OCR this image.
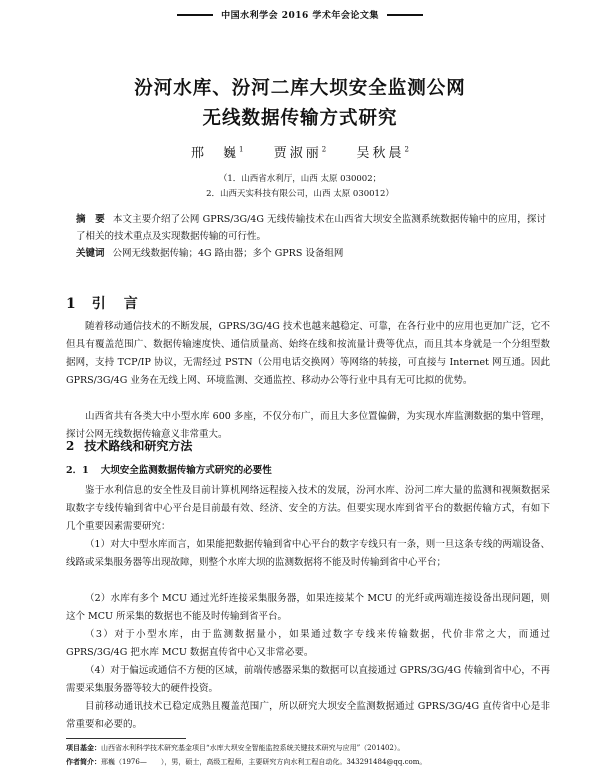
中国水利学会 2016 学术年会论文集
汾河水库、汾河二库大坝安全监测公网
无线数据传输方式研究
邢　巍$^1$ 贾淑丽$^2$ 吴秋晨$^2$
（1．山西省水利厅，山西 太原 030002；
2．山西天实科技有限公司，山西 太原 030012）

摘　要 本文主要介绍了公网 GPRS/3G/4G 无线传输技术在山西省大坝安全监测系统数据传输中的应用，探讨了相关的技术重点及实现数据传输的可行性。

关键词 公网无线数据传输；4G 路由器；多个 GPRS 设备组网

1 引　言

随着移动通信技术的不断发展，GPRS/3G/4G 技术也越来越稳定、可靠，在各行业中的应用也更加广泛，它不但具有覆盖范围广、数据传输速度快、通信质量高、始终在线和按流量计费等优点，而且其本身就是一个分组型数据网，支持 TCP/IP 协议，无需经过 PSTN（公用电话交换网）等网络的转接，可直接与 Internet 网互通。因此 GPRS/3G/4G 业务在无线上网、环境监测、交通监控、移动办公等行业中具有无可比拟的优势。

山西省共有各类大中小型水库 600 多座，不仅分布广，而且大多位置偏僻，为实现水库监测数据的集中管理，探讨公网无线数据传输意义非常重大。

2 技术路线和研究方法
2．1 大坝安全监测数据传输方式研究的必要性

鉴于水利信息的安全性及目前计算机网络远程接入技术的发展，汾河水库、汾河二库大量的监测和视频数据采取数字专线传输到省中心平台是目前最有效、经济、安全的方法。但要实现水库到省平台的数据传输方式，有如下几个重要因素需要研究：

（1）对大中型水库而言，如果能把数据传输到省中心平台的数字专线只有一条，则一旦这条专线的两端设备、线路或采集服务器等出现故障，则整个水库大坝的监测数据将不能及时传输到省中心平台；

（2）水库有多个 MCU 通过光纤连接采集服务器，如果连接某个 MCU 的光纤或两端连接设备出现问题，则这个 MCU 所采集的数据也不能及时传输到省平台。

（3）对于小型水库，由于监测数据量小，如果通过数字专线来传输数据，代价非常之大，而通过 GPRS/3G/4G 把水库 MCU 数据直传省中心又非常必要。

（4）对于偏远或通信不方便的区域，前端传感器采集的数据可以直接通过 GPRS/3G/4G 传输到省中心，不再需要采集服务器等较大的硬件投资。

目前移动通讯技术已稳定成熟且覆盖范围广，所以研究大坝安全监测数据通过 GPRS/3G/4G 直传省中心是非常重要和必要的。

项目基金：山西省水利科学技术研究基金项目“水库大坝安全智能监控系统关键技术研究与应用”（201402）。
作者简介：邢巍（1976—　　），男，硕士，高级工程师，主要研究方向水利工程自动化。343291484@qq.com。
